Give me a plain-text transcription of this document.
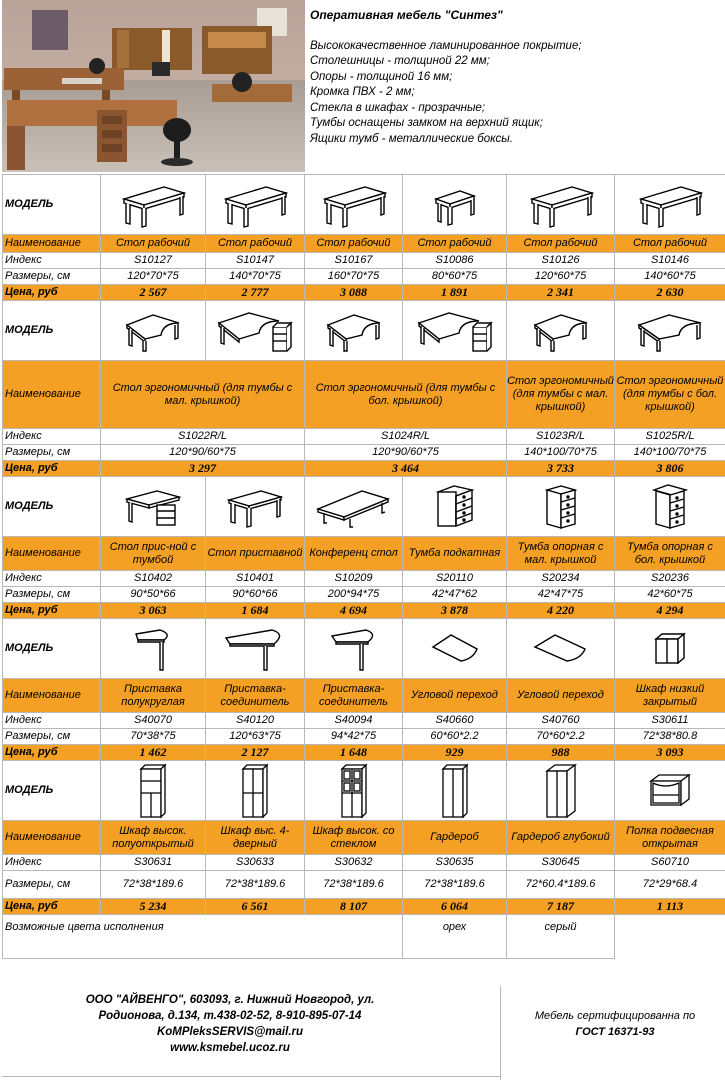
Оперативная мебель "Синтез"
Высококачественное ламинированное покрытие;
Столешницы - толщиной 22 мм;
Опоры - толщиной 16 мм;
Кромка ПВХ - 2 мм;
Стекла в шкафах - прозрачные;
Тумбы оснащены замком на верхний ящик;
Ящики тумб - металлические боксы.
МОДЕЛЬ	

Наименование	Стол рабочий	Стол рабочий	Стол рабочий	Стол рабочий	Стол рабочий	Стол рабочий
Индекс	S10127	S10147	S10167	S10086	S10126	S10146
Размеры, см	120*70*75	140*70*75	160*70*75	80*60*75	120*60*75	140*60*75
Цена, руб	2 567	2 777	3 088	1 891	2 341	2 630
МОДЕЛЬ	

Наименование	Стол эргономичный (для тумбы с мал. крышкой)		Стол эргономичный (для тумбы с бол. крышкой)		Стол эргономичный (для тумбы с мал. крышкой)	Стол эргономичный (для тумбы с бол. крышкой)
Индекс	S1022R/L		S1024R/L		S1023R/L	S1025R/L
Размеры, см	120*90/60*75		120*90/60*75		140*100/70*75	140*100/70*75
Цена, руб	3 297		3 464		3 733	3 806
МОДЕЛЬ	

Наименование	Стол прис-ной с тумбой	Стол приставной	Конференц стол	Тумба подкатная	Тумба опорная с мал. крышкой	Тумба опорная с бол. крышкой
Индекс	S10402	S10401	S10209	S20110	S20234	S20236
Размеры, см	90*50*66	90*60*66	200*94*75	42*47*62	42*47*75	42*60*75
Цена, руб	3 063	1 684	4 694	3 878	4 220	4 294
МОДЕЛЬ	

Наименование	Приставка полукруглая	Приставка-соединитель	Приставка-соединитель	Угловой переход	Угловой переход	Шкаф низкий закрытый
Индекс	S40070	S40120	S40094	S40660	S40760	S30611
Размеры, см	70*38*75	120*63*75	94*42*75	60*60*2.2	70*60*2.2	72*38*80.8
Цена, руб	1 462	2 127	1 648	929	988	3 093
МОДЕЛЬ	

Наименование	Шкаф высок. полуоткрытый	Шкаф выс. 4-дверный	Шкаф высок. со стеклом	Гардероб	Гардероб глубокий	Полка подвесная открытая
Индекс	S30631	S30633	S30632	S30635	S30645	S60710
Размеры, см	72*38*189.6	72*38*189.6	72*38*189.6	72*38*189.6	72*60.4*189.6	72*29*68.4
Цена, руб	5 234	6 561	8 107	6 064	7 187	1 113
Возможные цвета исполнения				орех	серый	
ООО "АЙВЕНГО", 603093, г. Нижний Новгород, ул.
Родионова, д.134, т.438-02-52, 8-910-895-07-14
KoMPleksSERVIS@mail.ru
www.ksmebel.ucoz.ru
Мебель сертифицированна по
ГОСТ 16371-93
